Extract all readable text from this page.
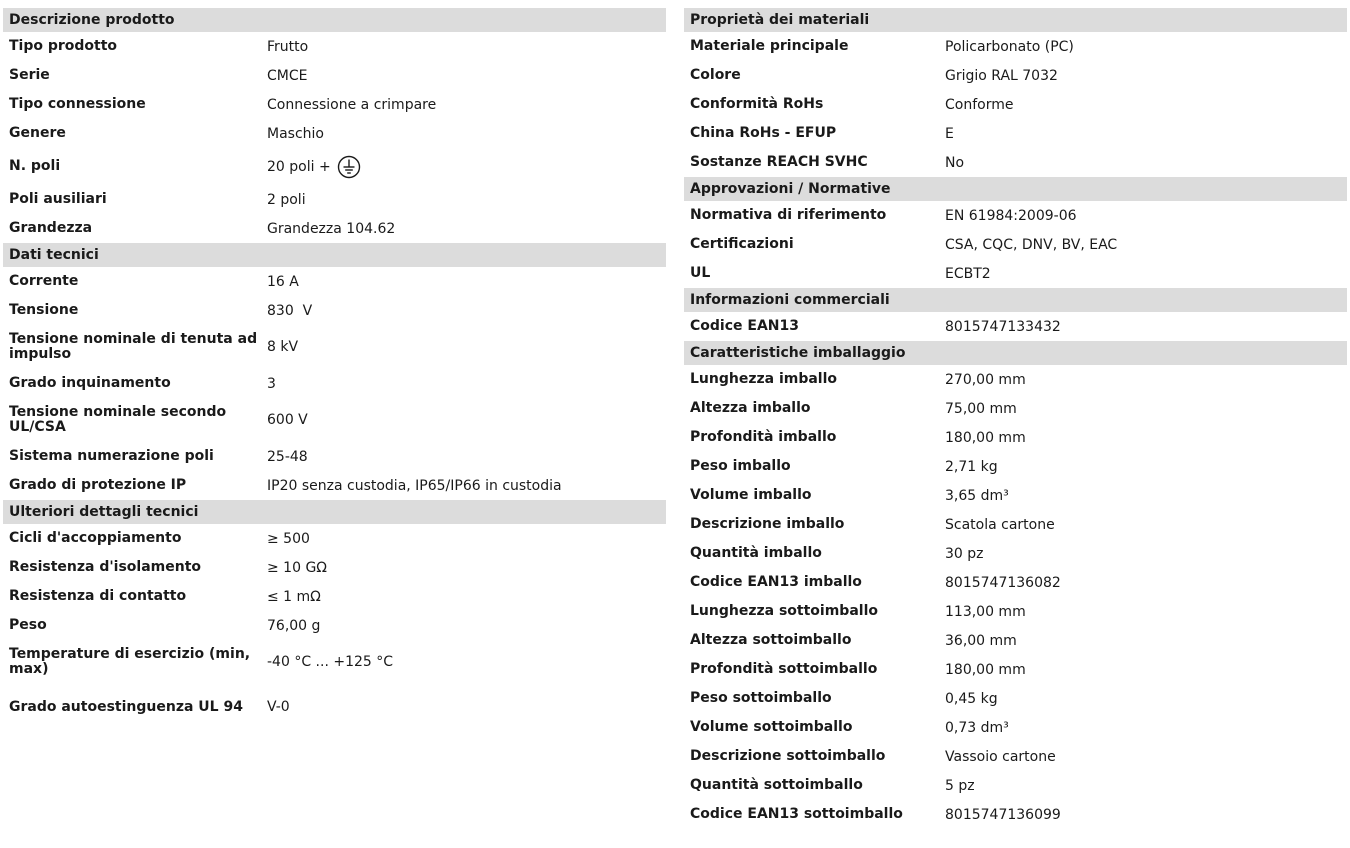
Descrizione prodotto
Tipo prodotto	Frutto
Serie	CMCE
Tipo connessione	Connessione a crimpare
Genere	Maschio
N. poli	20 poli +
Poli ausiliari	2 poli
Grandezza	Grandezza 104.62
Dati tecnici
Corrente	16 A
Tensione	830  V
Tensione nominale di tenuta ad impulso	8 kV
Grado inquinamento	3
Tensione nominale secondo UL/CSA	600 V
Sistema numerazione poli	25-48
Grado di protezione IP	IP20 senza custodia, IP65/IP66 in custodia
Ulteriori dettagli tecnici
Cicli d'accoppiamento	≥ 500
Resistenza d'isolamento	≥ 10 GΩ
Resistenza di contatto	≤ 1 mΩ
Peso	76,00 g
Temperature di esercizio (min, max)	-40 °C ... +125 °C
Grado autoestinguenza UL 94	V-0
Proprietà dei materiali
Materiale principale	Policarbonato (PC)
Colore	Grigio RAL 7032
Conformità RoHs	Conforme
China RoHs - EFUP	E
Sostanze REACH SVHC	No
Approvazioni / Normative
Normativa di riferimento	EN 61984:2009-06
Certificazioni	CSA, CQC, DNV, BV, EAC
UL	ECBT2
Informazioni commerciali
Codice EAN13	8015747133432
Caratteristiche imballaggio
Lunghezza imballo	270,00 mm
Altezza imballo	75,00 mm
Profondità imballo	180,00 mm
Peso imballo	2,71 kg
Volume imballo	3,65 dm³
Descrizione imballo	Scatola cartone
Quantità imballo	30 pz
Codice EAN13 imballo	8015747136082
Lunghezza sottoimballo	113,00 mm
Altezza sottoimballo	36,00 mm
Profondità sottoimballo	180,00 mm
Peso sottoimballo	0,45 kg
Volume sottoimballo	0,73 dm³
Descrizione sottoimballo	Vassoio cartone
Quantità sottoimballo	5 pz
Codice EAN13 sottoimballo	8015747136099
